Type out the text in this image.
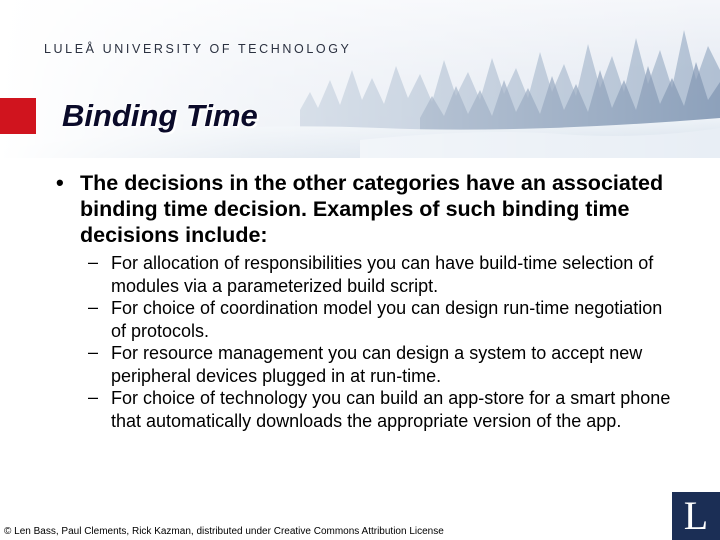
LULEÅ UNIVERSITY OF TECHNOLOGY
Binding Time
• The decisions in the other categories have an associated binding time decision. Examples of such binding time decisions include:
– For allocation of responsibilities you can have build-time selection of modules via a parameterized build script.
– For choice of coordination model you can design run-time negotiation of protocols.
– For resource management you can design a system to accept new peripheral devices plugged in at run-time.
– For choice of technology you can build an app-store for a smart phone that automatically downloads the appropriate version of the app.
© Len Bass, Paul Clements, Rick Kazman, distributed under Creative Commons Attribution License	L
